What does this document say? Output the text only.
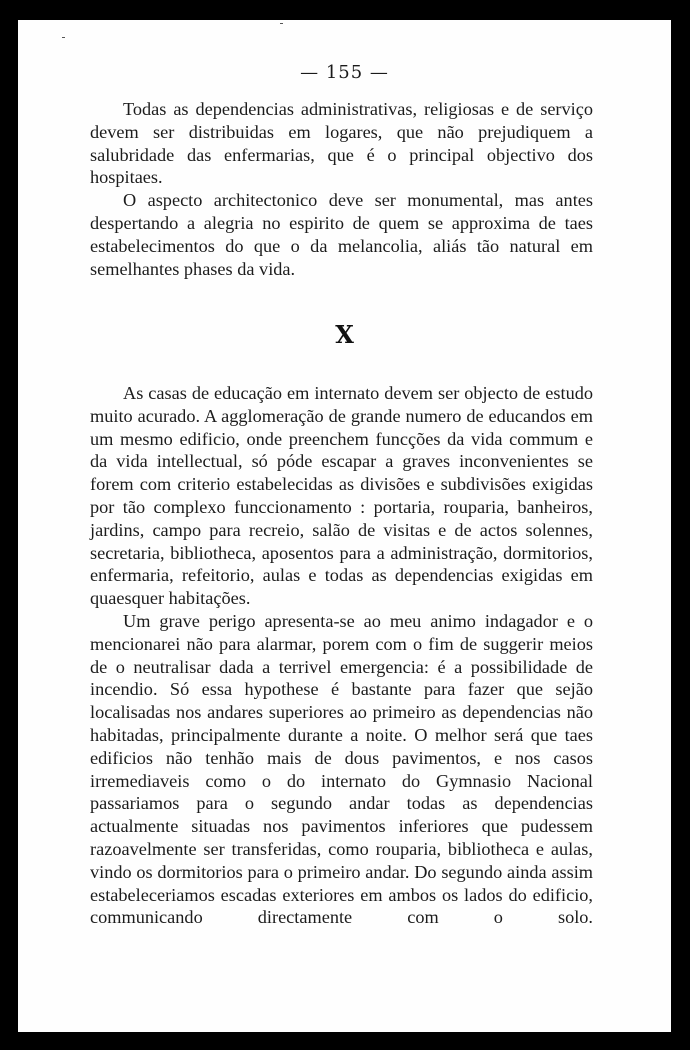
— 155 —

Todas as dependencias administrativas, religiosas e de serviço devem ser distribuidas em logares, que não prejudiquem a salubridade das enfermarias, que é o principal objectivo dos hospitaes.

O aspecto architectonico deve ser monumental, mas antes despertando a alegria no espirito de quem se approxima de taes estabelecimentos do que o da melancolia, aliás tão natural em semelhantes phases da vida.

X

As casas de educação em internato devem ser objecto de estudo muito acurado. A agglomeração de grande numero de educandos em um mesmo edificio, onde preenchem funcções da vida commum e da vida intellectual, só póde escapar a graves inconvenientes se forem com criterio estabelecidas as divisões e subdivisões exigidas por tão complexo funccionamento : portaria, rouparia, banheiros, jardins, campo para recreio, salão de visitas e de actos solennes, secretaria, bibliotheca, aposentos para a administração, dormitorios, enfermaria, refeitorio, aulas e todas as dependencias exigidas em quaesquer habitações.

Um grave perigo apresenta-se ao meu animo indagador e o mencionarei não para alarmar, porem com o fim de suggerir meios de o neutralisar dada a terrivel emergencia: é a possibilidade de incendio. Só essa hypothese é bastante para fazer que sejão localisadas nos andares superiores ao primeiro as dependencias não habitadas, principalmente durante a noite. O melhor será que taes edificios não tenhão mais de dous pavimentos, e nos casos irremediaveis como o do internato do Gymnasio Nacional passariamos para o segundo andar todas as dependencias actualmente situadas nos pavimentos inferiores que pudessem razoavelmente ser transferidas, como rouparia, bibliotheca e aulas, vindo os dormitorios para o primeiro andar. Do segundo ainda assim estabeleceriamos escadas exteriores em ambos os lados do edificio, communicando directamente com o solo.
